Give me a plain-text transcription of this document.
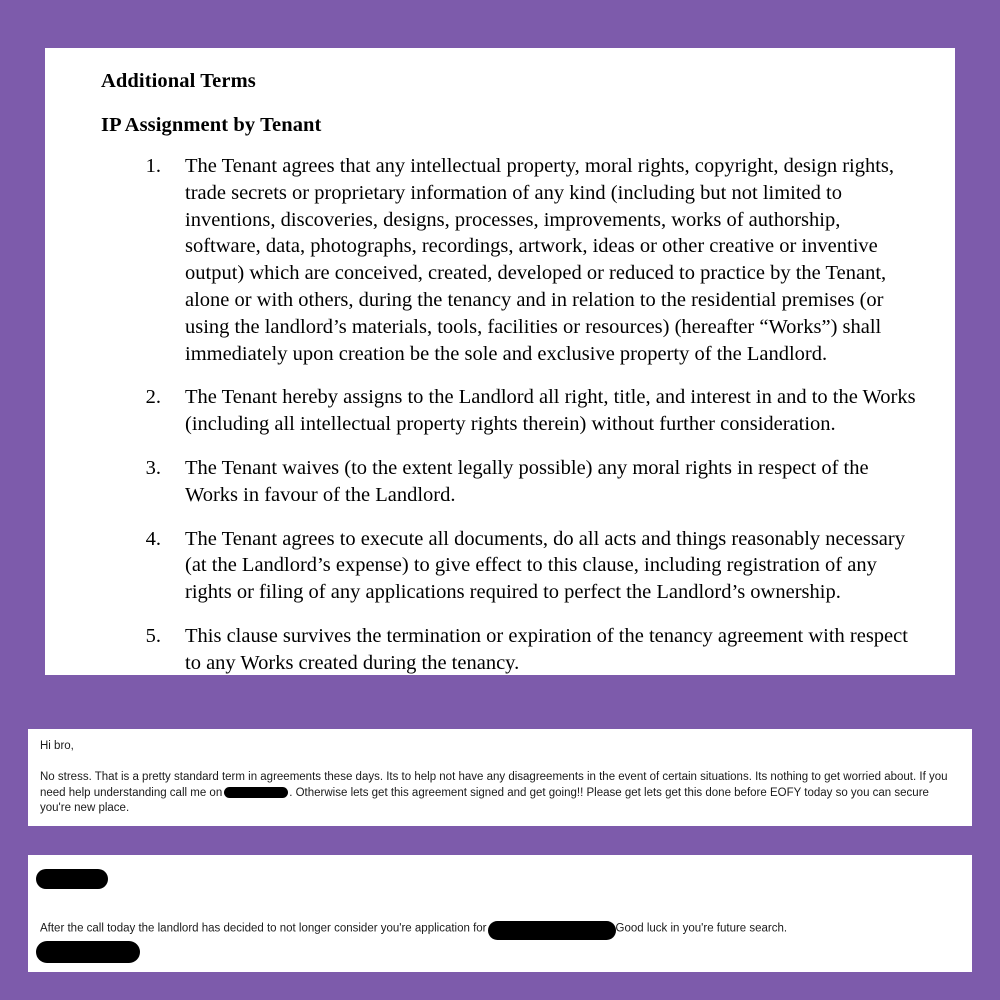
Additional Terms
IP Assignment by Tenant
1. The Tenant agrees that any intellectual property, moral rights, copyright, design rights, trade secrets or proprietary information of any kind (including but not limited to inventions, discoveries, designs, processes, improvements, works of authorship, software, data, photographs, recordings, artwork, ideas or other creative or inventive output) which are conceived, created, developed or reduced to practice by the Tenant, alone or with others, during the tenancy and in relation to the residential premises (or using the landlord’s materials, tools, facilities or resources) (hereafter “Works”) shall immediately upon creation be the sole and exclusive property of the Landlord.
2. The Tenant hereby assigns to the Landlord all right, title, and interest in and to the Works (including all intellectual property rights therein) without further consideration.
3. The Tenant waives (to the extent legally possible) any moral rights in respect of the Works in favour of the Landlord.
4. The Tenant agrees to execute all documents, do all acts and things reasonably necessary (at the Landlord’s expense) to give effect to this clause, including registration of any rights or filing of any applications required to perfect the Landlord’s ownership.
5. This clause survives the termination or expiration of the tenancy agreement with respect to any Works created during the tenancy.

Hi bro,

No stress. That is a pretty standard term in agreements these days. Its to help not have any disagreements in the event of certain situations. Its nothing to get worried about. If you need help understanding call me on	. Otherwise lets get this agreement signed and get going!! Please get lets get this done before EOFY today so you can secure you're new place.

After the call today the landlord has decided to not longer consider you're application for	Good luck in you're future search.
